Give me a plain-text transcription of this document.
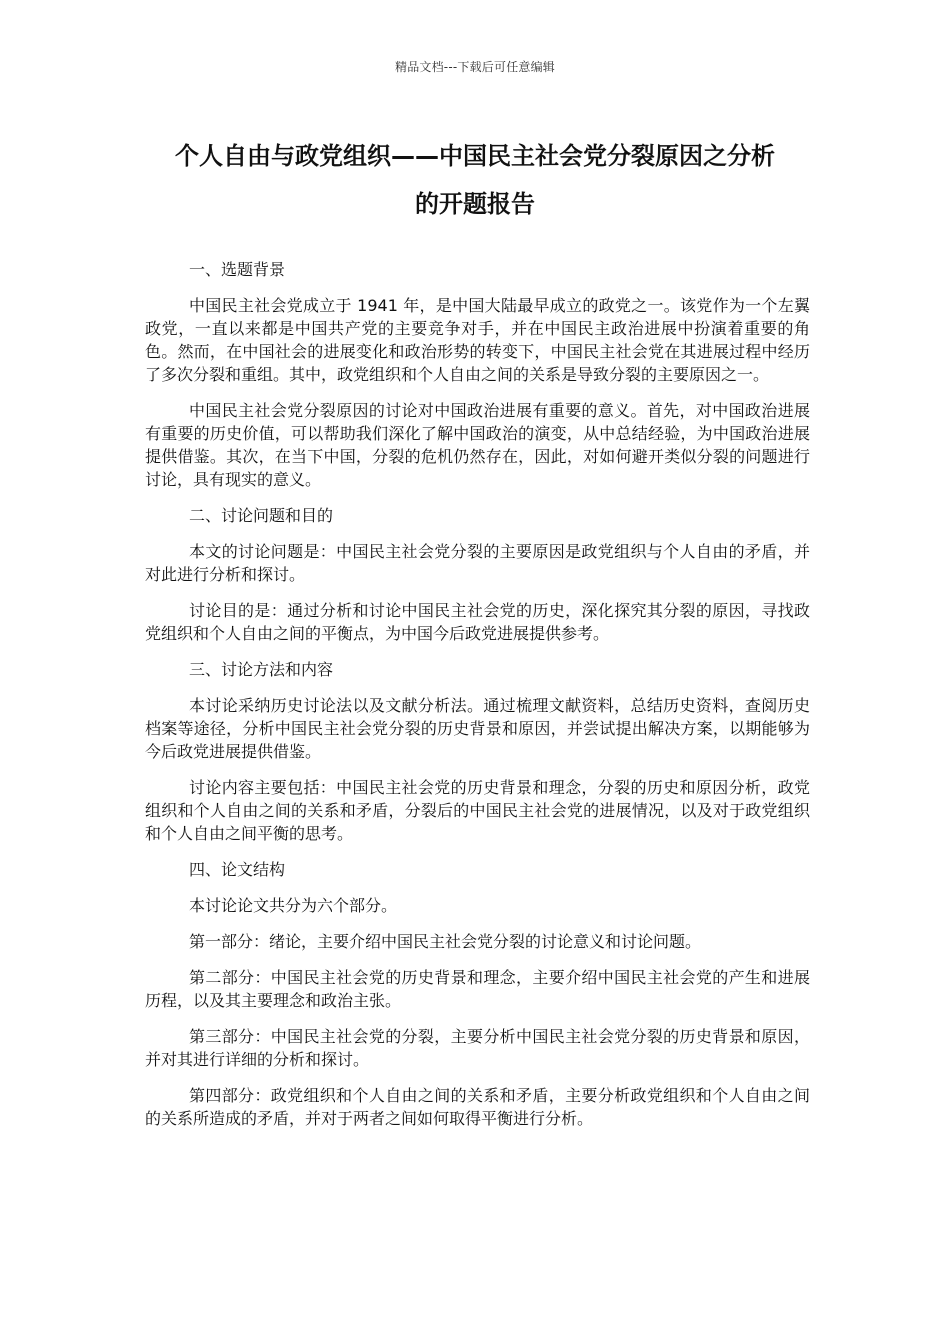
精品文档---下载后可任意编辑
个人自由与政党组织——中国民主社会党分裂原因之分析
的开题报告

一、选题背景

中国民主社会党成立于 1941 年，是中国大陆最早成立的政党之一。该党作为一个左翼政党，一直以来都是中国共产党的主要竞争对手，并在中国民主政治进展中扮演着重要的角色。然而，在中国社会的进展变化和政治形势的转变下，中国民主社会党在其进展过程中经历了多次分裂和重组。其中，政党组织和个人自由之间的关系是导致分裂的主要原因之一。

中国民主社会党分裂原因的讨论对中国政治进展有重要的意义。首先，对中国政治进展有重要的历史价值，可以帮助我们深化了解中国政治的演变，从中总结经验，为中国政治进展提供借鉴。其次，在当下中国，分裂的危机仍然存在，因此，对如何避开类似分裂的问题进行讨论，具有现实的意义。

二、讨论问题和目的

本文的讨论问题是：中国民主社会党分裂的主要原因是政党组织与个人自由的矛盾，并对此进行分析和探讨。

讨论目的是：通过分析和讨论中国民主社会党的历史，深化探究其分裂的原因，寻找政党组织和个人自由之间的平衡点，为中国今后政党进展提供参考。

三、讨论方法和内容

本讨论采纳历史讨论法以及文献分析法。通过梳理文献资料，总结历史资料，查阅历史档案等途径，分析中国民主社会党分裂的历史背景和原因，并尝试提出解决方案，以期能够为今后政党进展提供借鉴。

讨论内容主要包括：中国民主社会党的历史背景和理念，分裂的历史和原因分析，政党组织和个人自由之间的关系和矛盾，分裂后的中国民主社会党的进展情况，以及对于政党组织和个人自由之间平衡的思考。

四、论文结构

本讨论论文共分为六个部分。

第一部分：绪论，主要介绍中国民主社会党分裂的讨论意义和讨论问题。

第二部分：中国民主社会党的历史背景和理念，主要介绍中国民主社会党的产生和进展历程，以及其主要理念和政治主张。

第三部分：中国民主社会党的分裂，主要分析中国民主社会党分裂的历史背景和原因，并对其进行详细的分析和探讨。

第四部分：政党组织和个人自由之间的关系和矛盾，主要分析政党组织和个人自由之间的关系所造成的矛盾，并对于两者之间如何取得平衡进行分析。
